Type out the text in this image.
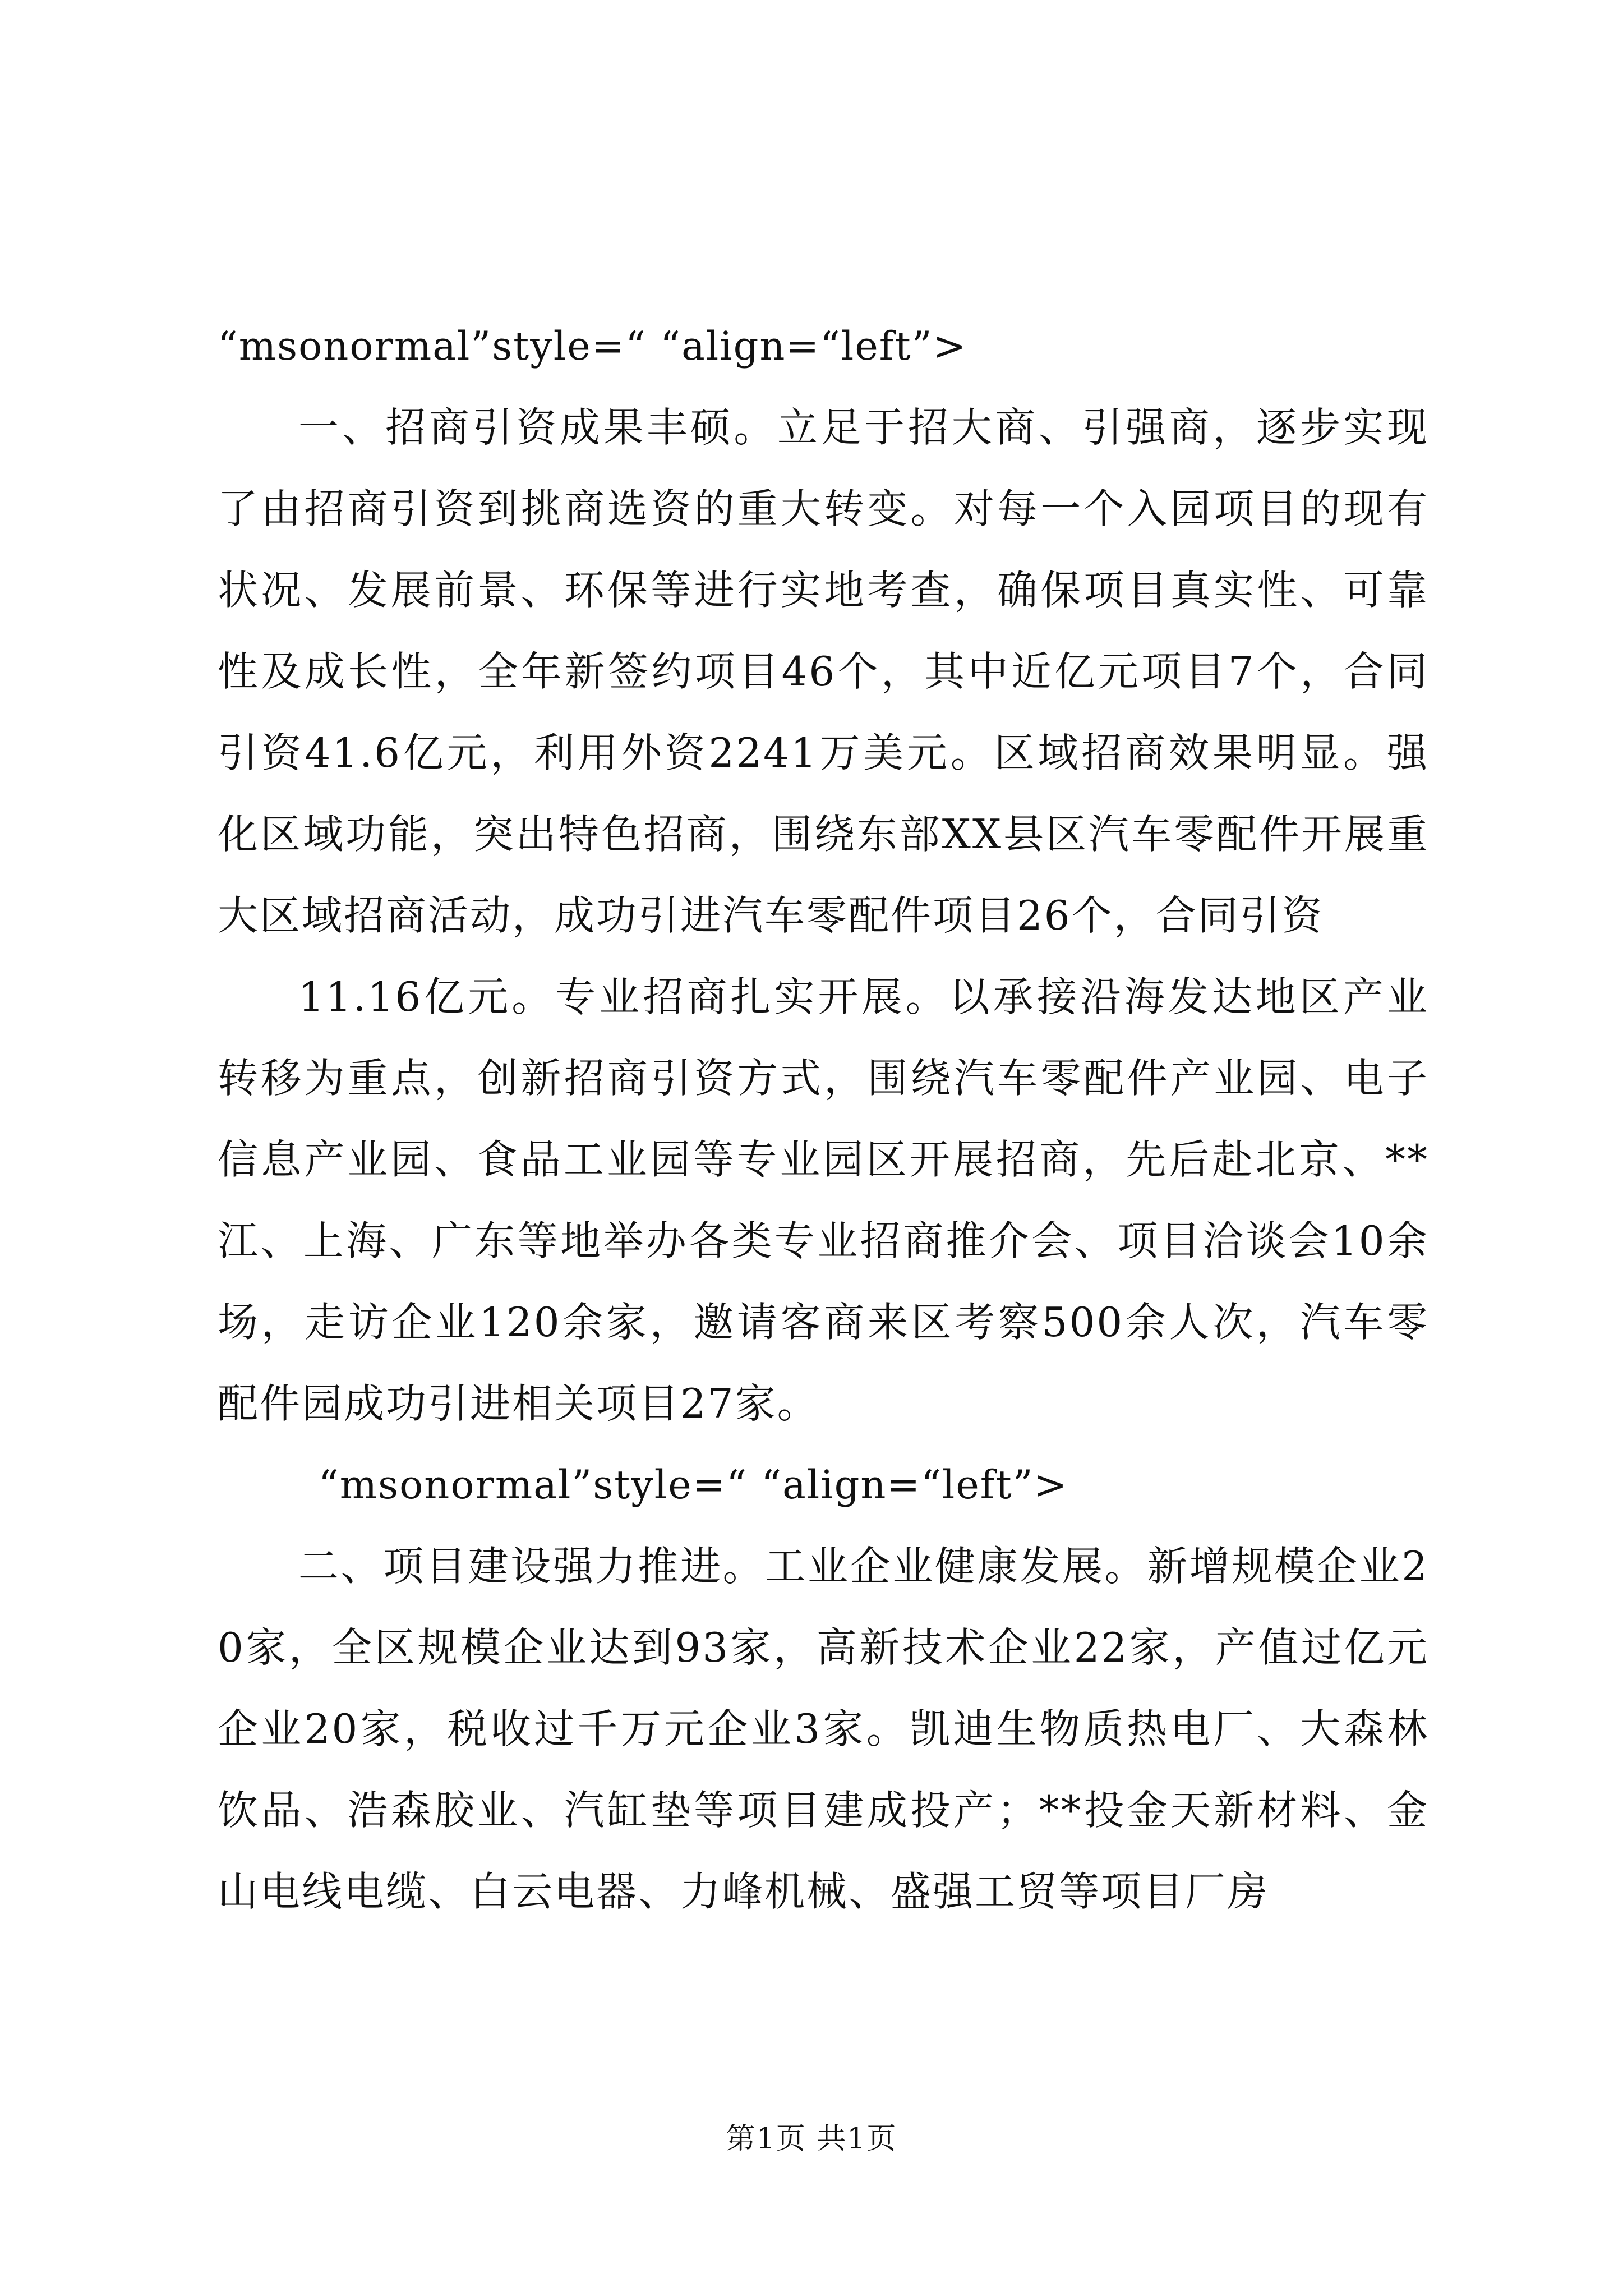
“msonormal”style=“ “align=“left”>

一、招商引资成果丰硕。立足于招大商、引强商，逐步实现了由招商引资到挑商选资的重大转变。对每一个入园项目的现有状况、发展前景、环保等进行实地考查，确保项目真实性、可靠性及成长性，全年新签约项目46个，其中近亿元项目7个，合同引资41.6亿元，利用外资2241万美元。区域招商效果明显。强化区域功能，突出特色招商，围绕东部XX县区汽车零配件开展重大区域招商活动，成功引进汽车零配件项目26个，合同引资

11.16亿元。专业招商扎实开展。以承接沿海发达地区产业转移为重点，创新招商引资方式，围绕汽车零配件产业园、电子信息产业园、食品工业园等专业园区开展招商，先后赴北京、**江、上海、广东等地举办各类专业招商推介会、项目洽谈会10余场，走访企业120余家，邀请客商来区考察500余人次，汽车零配件园成功引进相关项目27家。

“msonormal”style=“ “align=“left”>

二、项目建设强力推进。工业企业健康发展。新增规模企业20家，全区规模企业达到93家，高新技术企业22家，产值过亿元企业20家，税收过千万元企业3家。凯迪生物质热电厂、大森林饮品、浩森胶业、汽缸垫等项目建成投产；**投金天新材料、金山电线电缆、白云电器、力峰机械、盛强工贸等项目厂房

第1页 共1页
